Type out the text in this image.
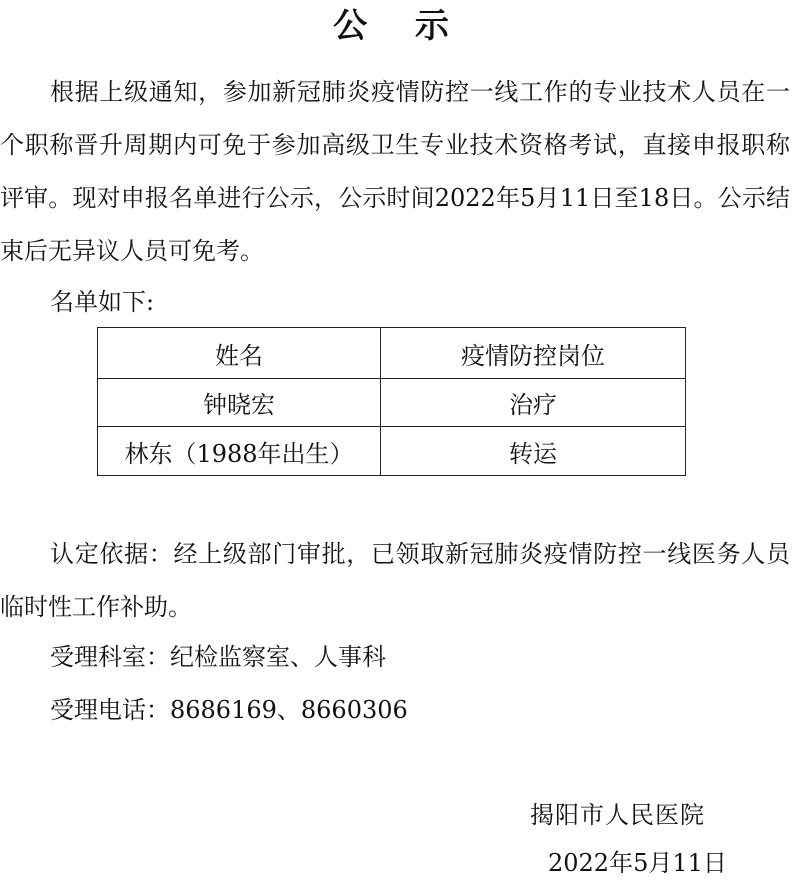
公 示

根据上级通知，参加新冠肺炎疫情防控一线工作的专业技术人员在一个职称晋升周期内可免于参加高级卫生专业技术资格考试，直接申报职称评审。现对申报名单进行公示，公示时间2022年5月11日至18日。公示结束后无异议人员可免考。

名单如下:

姓名	疫情防控岗位
钟晓宏	治疗
林东（1988年出生）	转运

认定依据：经上级部门审批，已领取新冠肺炎疫情防控一线医务人员临时性工作补助。

受理科室：纪检监察室、人事科

受理电话：8686169、8660306

揭阳市人民医院
2022年5月11日
